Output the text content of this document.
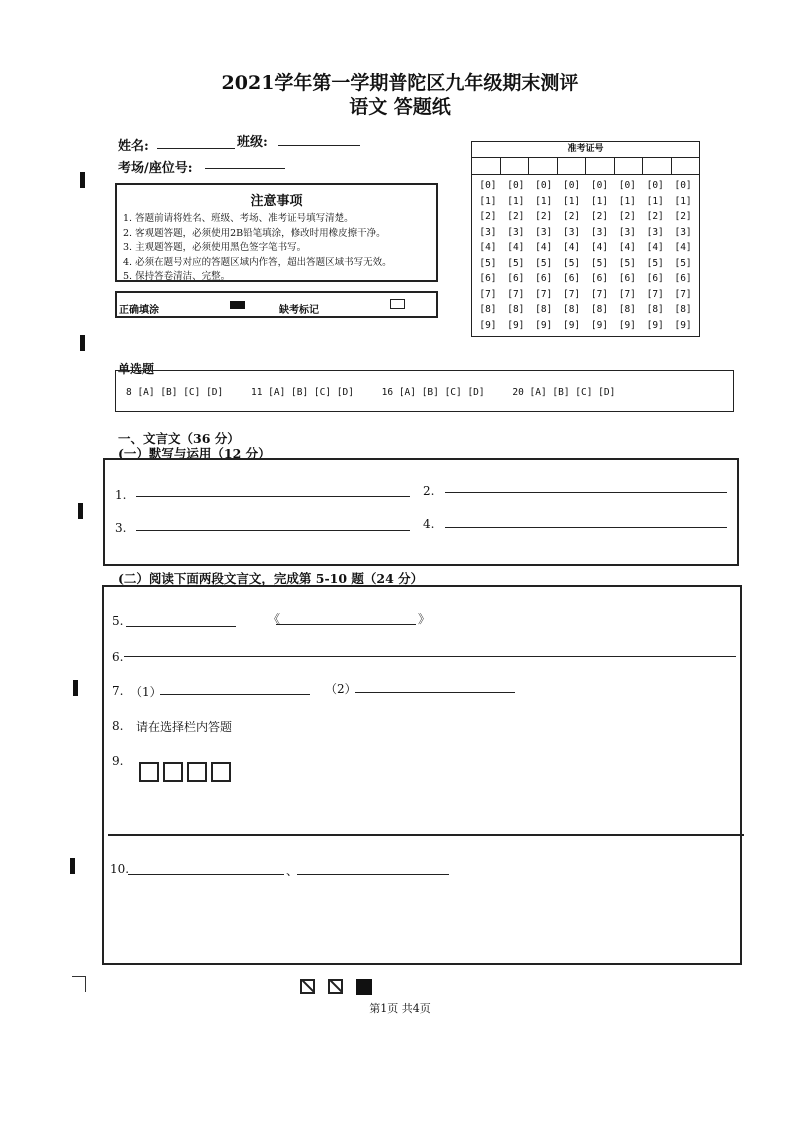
2021学年第一学期普陀区九年级期末测评
语文 答题纸
姓名:	班级:
考场/座位号:
注意事项
1. 答题前请将姓名、班级、考场、准考证号填写清楚。
2. 客观题答题，必须使用2B铅笔填涂，修改时用橡皮擦干净。
3. 主观题答题，必须使用黑色签字笔书写。
4. 必须在题号对应的答题区域内作答，超出答题区域书写无效。
5. 保持答卷清洁、完整。
正确填涂	缺考标记
准考证号
[0]	[0]	[0]	[0]	[0]	[0]	[0]	[0]
[1]	[1]	[1]	[1]	[1]	[1]	[1]	[1]
[2]	[2]	[2]	[2]	[2]	[2]	[2]	[2]
[3]	[3]	[3]	[3]	[3]	[3]	[3]	[3]
[4]	[4]	[4]	[4]	[4]	[4]	[4]	[4]
[5]	[5]	[5]	[5]	[5]	[5]	[5]	[5]
[6]	[6]	[6]	[6]	[6]	[6]	[6]	[6]
[7]	[7]	[7]	[7]	[7]	[7]	[7]	[7]
[8]	[8]	[8]	[8]	[8]	[8]	[8]	[8]
[9]	[9]	[9]	[9]	[9]	[9]	[9]	[9]
单选题
8 [A] [B] [C] [D]	11 [A] [B] [C] [D]	16 [A] [B] [C] [D]	20 [A] [B] [C] [D]
一、文言文（36 分）
(一）默写与运用（12 分）
1.	2.
3.	4.
(二）阅读下面两段文言文，完成第 5-10 题（24 分）
5.	《	》
6.
7. （1）	（2）
8. 请在选择栏内答题
9.
10.	、
第1页 共4页
